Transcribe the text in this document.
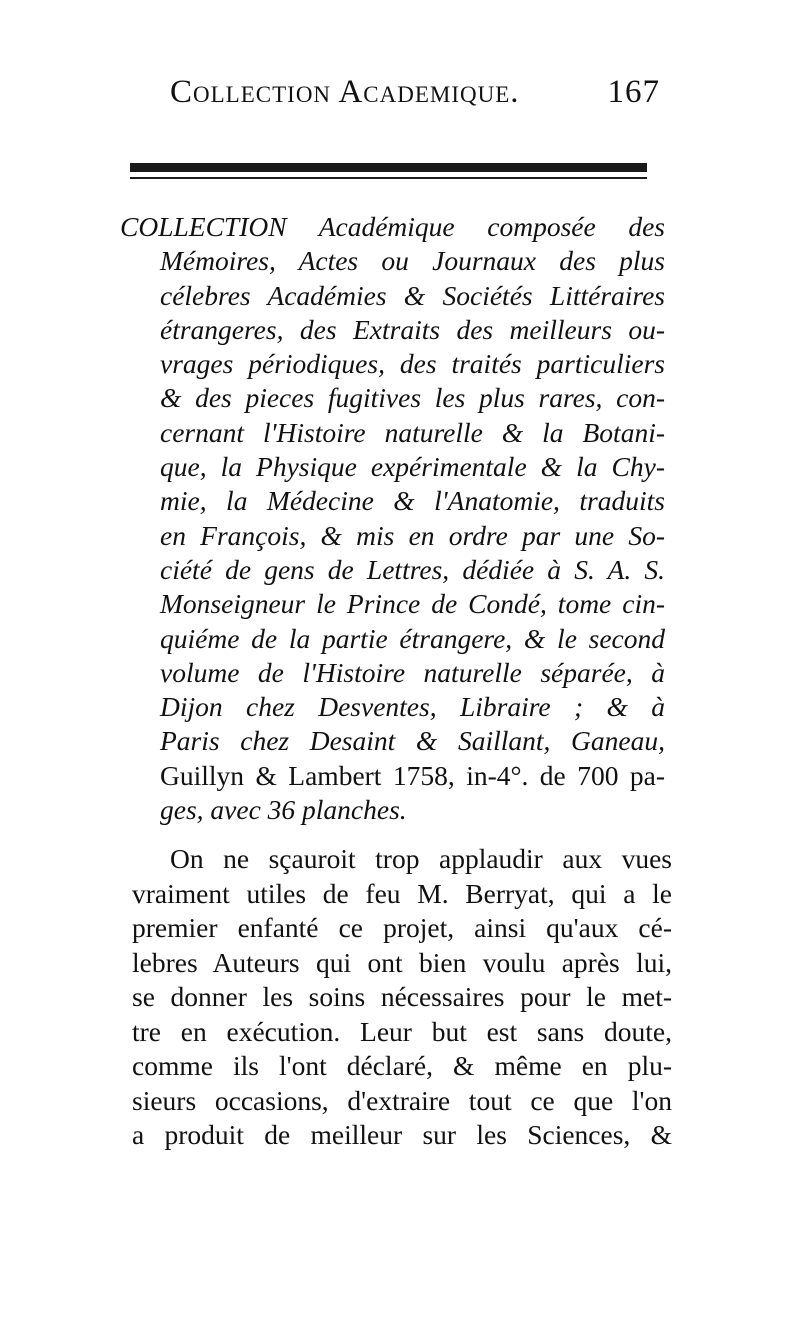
Collection Academique.	167
COLLECTION Académique composée des
Mémoires, Actes ou Journaux des plus
célebres Académies & Sociétés Littéraires
étrangeres, des Extraits des meilleurs ou-
vrages périodiques, des traités particuliers
& des pieces fugitives les plus rares, con-
cernant l'Histoire naturelle & la Botani-
que, la Physique expérimentale & la Chy-
mie, la Médecine & l'Anatomie, traduits
en François, & mis en ordre par une So-
ciété de gens de Lettres, dédiée à S. A. S.
Monseigneur le Prince de Condé, tome cin-
quiéme de la partie étrangere, & le second
volume de l'Histoire naturelle séparée, à
Dijon chez Desventes, Libraire ; & à
Paris chez Desaint & Saillant, Ganeau,
Guillyn & Lambert 1758, in-4°. de 700 pa-
ges, avec 36 planches.
On ne sçauroit trop applaudir aux vues
vraiment utiles de feu M. Berryat, qui a le
premier enfanté ce projet, ainsi qu'aux cé-
lebres Auteurs qui ont bien voulu après lui,
se donner les soins nécessaires pour le met-
tre en exécution. Leur but est sans doute,
comme ils l'ont déclaré, & même en plu-
sieurs occasions, d'extraire tout ce que l'on
a produit de meilleur sur les Sciences, &
